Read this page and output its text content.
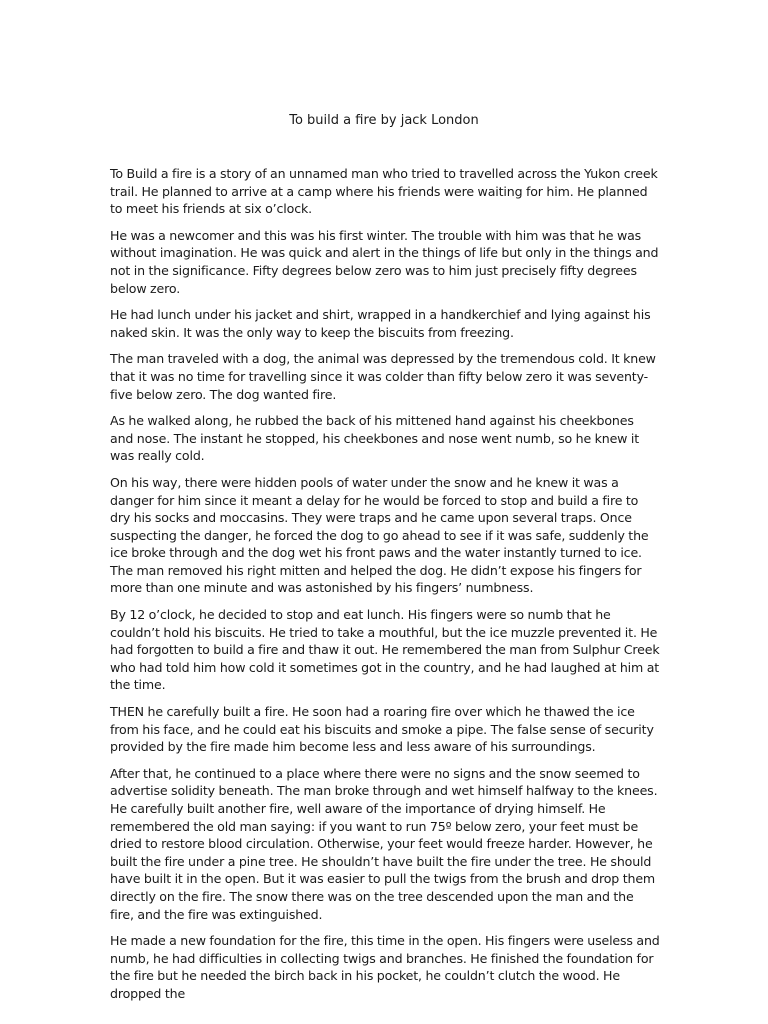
To build a fire by jack London

To Build a fire is a story of an unnamed man who tried to travelled across the Yukon creek trail. He planned to arrive at a camp where his friends were waiting for him. He planned to meet his friends at six o’clock.

He was a newcomer and this was his first winter. The trouble with him was that he was without imagination. He was quick and alert in the things of life but only in the things and not in the significance. Fifty degrees below zero was to him just precisely fifty degrees below zero.

He had lunch under his jacket and shirt, wrapped in a handkerchief and lying against his naked skin. It was the only way to keep the biscuits from freezing.

The man traveled with a dog, the animal was depressed by the tremendous cold. It knew that it was no time for travelling since it was colder than fifty below zero it was seventy-five below zero. The dog wanted fire.

As he walked along, he rubbed the back of his mittened hand against his cheekbones and nose. The instant he stopped, his cheekbones and nose went numb, so he knew it was really cold.

On his way, there were hidden pools of water under the snow and he knew it was a danger for him since it meant a delay for he would be forced to stop and build a fire to dry his socks and moccasins. They were traps and he came upon several traps. Once suspecting the danger, he forced the dog to go ahead to see if it was safe, suddenly the ice broke through and the dog wet his front paws and the water instantly turned to ice. The man removed his right mitten and helped the dog. He didn’t expose his fingers for more than one minute and was astonished by his fingers’ numbness.

By 12 o’clock, he decided to stop and eat lunch. His fingers were so numb that he couldn’t hold his biscuits. He tried to take a mouthful, but the ice muzzle prevented it. He had forgotten to build a fire and thaw it out. He remembered the man from Sulphur Creek who had told him how cold it sometimes got in the country, and he had laughed at him at the time.

THEN he carefully built a fire. He soon had a roaring fire over which he thawed the ice from his face, and he could eat his biscuits and smoke a pipe. The false sense of security provided by the fire made him become less and less aware of his surroundings.

After that, he continued to a place where there were no signs and the snow seemed to advertise solidity beneath. The man broke through and wet himself halfway to the knees. He carefully built another fire, well aware of the importance of drying himself. He remembered the old man saying: if you want to run 75º below zero, your feet must be dried to restore blood circulation. Otherwise, your feet would freeze harder. However, he built the fire under a pine tree. He shouldn’t have built the fire under the tree. He should have built it in the open. But it was easier to pull the twigs from the brush and drop them directly on the fire. The snow there was on the tree descended upon the man and the fire, and the fire was extinguished.

He made a new foundation for the fire, this time in the open. His fingers were useless and numb, he had difficulties in collecting twigs and branches. He finished the foundation for the fire but he needed the birch back in his pocket, he couldn’t clutch the wood. He dropped the
